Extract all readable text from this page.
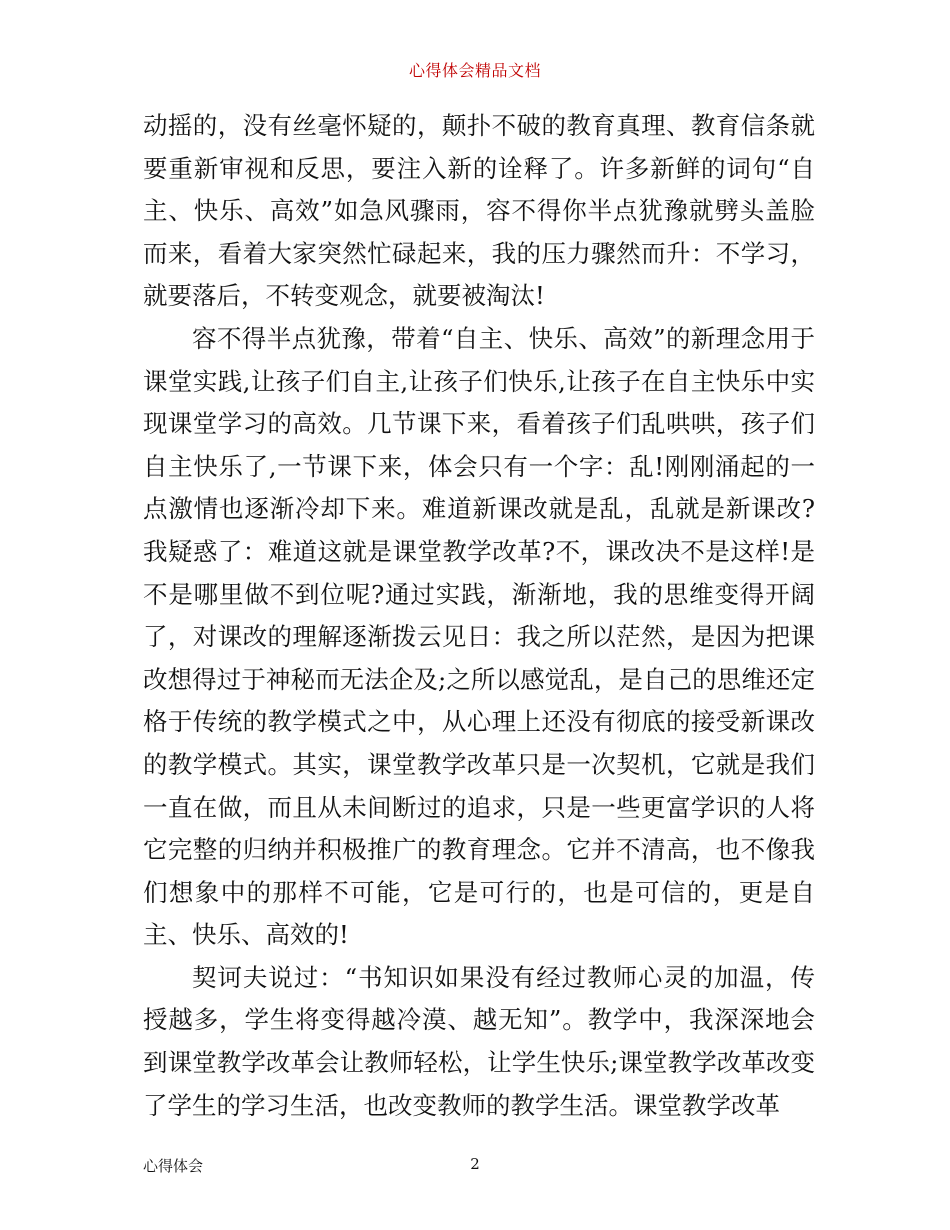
心得体会精品文档

动摇的，没有丝毫怀疑的，颠扑不破的教育真理、教育信条就要重新审视和反思，要注入新的诠释了。许多新鲜的词句“自主、快乐、高效”如急风骤雨，容不得你半点犹豫就劈头盖脸而来，看着大家突然忙碌起来，我的压力骤然而升：不学习，就要落后，不转变观念，就要被淘汰!

容不得半点犹豫，带着“自主、快乐、高效”的新理念用于课堂实践,让孩子们自主,让孩子们快乐,让孩子在自主快乐中实现课堂学习的高效。几节课下来，看着孩子们乱哄哄，孩子们自主快乐了,一节课下来，体会只有一个字：乱!刚刚涌起的一点激情也逐渐冷却下来。难道新课改就是乱，乱就是新课改?我疑惑了：难道这就是课堂教学改革?不，课改决不是这样!是不是哪里做不到位呢?通过实践，渐渐地，我的思维变得开阔了，对课改的理解逐渐拨云见日：我之所以茫然，是因为把课改想得过于神秘而无法企及;之所以感觉乱，是自己的思维还定格于传统的教学模式之中，从心理上还没有彻底的接受新课改的教学模式。其实，课堂教学改革只是一次契机，它就是我们一直在做，而且从未间断过的追求，只是一些更富学识的人将它完整的归纳并积极推广的教育理念。它并不清高，也不像我们想象中的那样不可能，它是可行的，也是可信的，更是自主、快乐、高效的!

契诃夫说过：“书知识如果没有经过教师心灵的加温，传授越多，学生将变得越冷漠、越无知”。教学中，我深深地会到课堂教学改革会让教师轻松，让学生快乐;课堂教学改革改变了学生的学习生活，也改变教师的教学生活。课堂教学改革

心得体会	2
